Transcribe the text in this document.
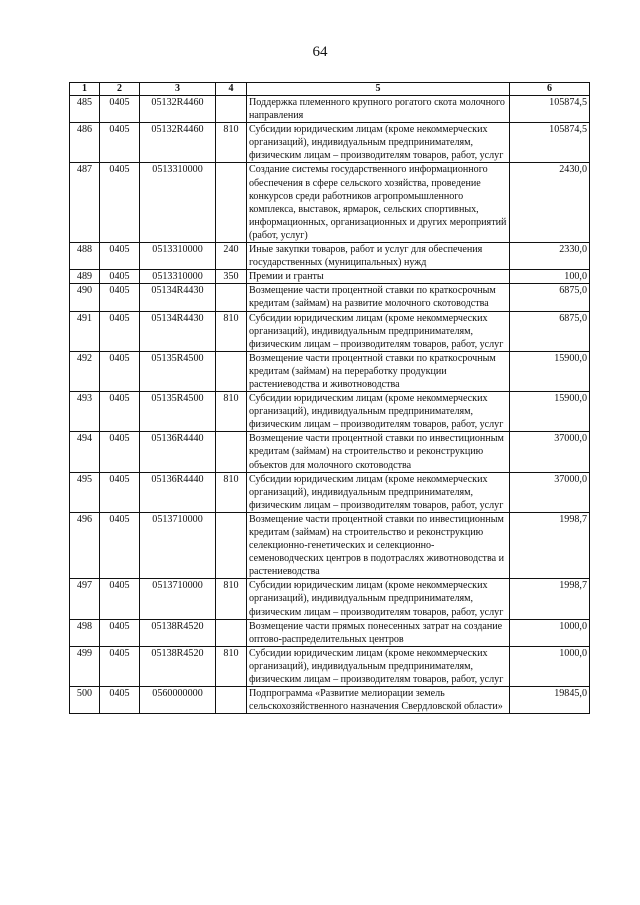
64
1	2	3	4	5	6
485	0405	05132R4460		Поддержка племенного крупного рогатого скота молочного направления	105874,5
486	0405	05132R4460	810	Субсидии юридическим лицам (кроме некоммерческих организаций), индивидуальным предпринимателям, физическим лицам – производителям товаров, работ, услуг	105874,5
487	0405	0513310000		Создание системы государственного информационного обеспечения в сфере сельского хозяйства, проведение конкурсов среди работников агропромышленного комплекса, выставок, ярмарок, сельских спортивных, информационных, организационных и других мероприятий (работ, услуг)	2430,0
488	0405	0513310000	240	Иные закупки товаров, работ и услуг для обеспечения государственных (муниципальных) нужд	2330,0
489	0405	0513310000	350	Премии и гранты	100,0
490	0405	05134R4430		Возмещение части процентной ставки по краткосрочным кредитам (займам) на развитие молочного скотоводства	6875,0
491	0405	05134R4430	810	Субсидии юридическим лицам (кроме некоммерческих организаций), индивидуальным предпринимателям, физическим лицам – производителям товаров, работ, услуг	6875,0
492	0405	05135R4500		Возмещение части процентной ставки по краткосрочным кредитам (займам) на переработку продукции растениеводства и животноводства	15900,0
493	0405	05135R4500	810	Субсидии юридическим лицам (кроме некоммерческих организаций), индивидуальным предпринимателям, физическим лицам – производителям товаров, работ, услуг	15900,0
494	0405	05136R4440		Возмещение части процентной ставки по инвестиционным кредитам (займам) на строительство и реконструкцию объектов для молочного скотоводства	37000,0
495	0405	05136R4440	810	Субсидии юридическим лицам (кроме некоммерческих организаций), индивидуальным предпринимателям, физическим лицам – производителям товаров, работ, услуг	37000,0
496	0405	0513710000		Возмещение части процентной ставки по инвестиционным кредитам (займам) на строительство и реконструкцию селекционно-генетических и селекционно-семеноводческих центров в подотраслях животноводства и растениеводства	1998,7
497	0405	0513710000	810	Субсидии юридическим лицам (кроме некоммерческих организаций), индивидуальным предпринимателям, физическим лицам – производителям товаров, работ, услуг	1998,7
498	0405	05138R4520		Возмещение части прямых понесенных затрат на создание оптово-распределительных центров	1000,0
499	0405	05138R4520	810	Субсидии юридическим лицам (кроме некоммерческих организаций), индивидуальным предпринимателям, физическим лицам – производителям товаров, работ, услуг	1000,0
500	0405	0560000000		Подпрограмма «Развитие мелиорации земель сельскохозяйственного назначения Свердловской области»	19845,0
